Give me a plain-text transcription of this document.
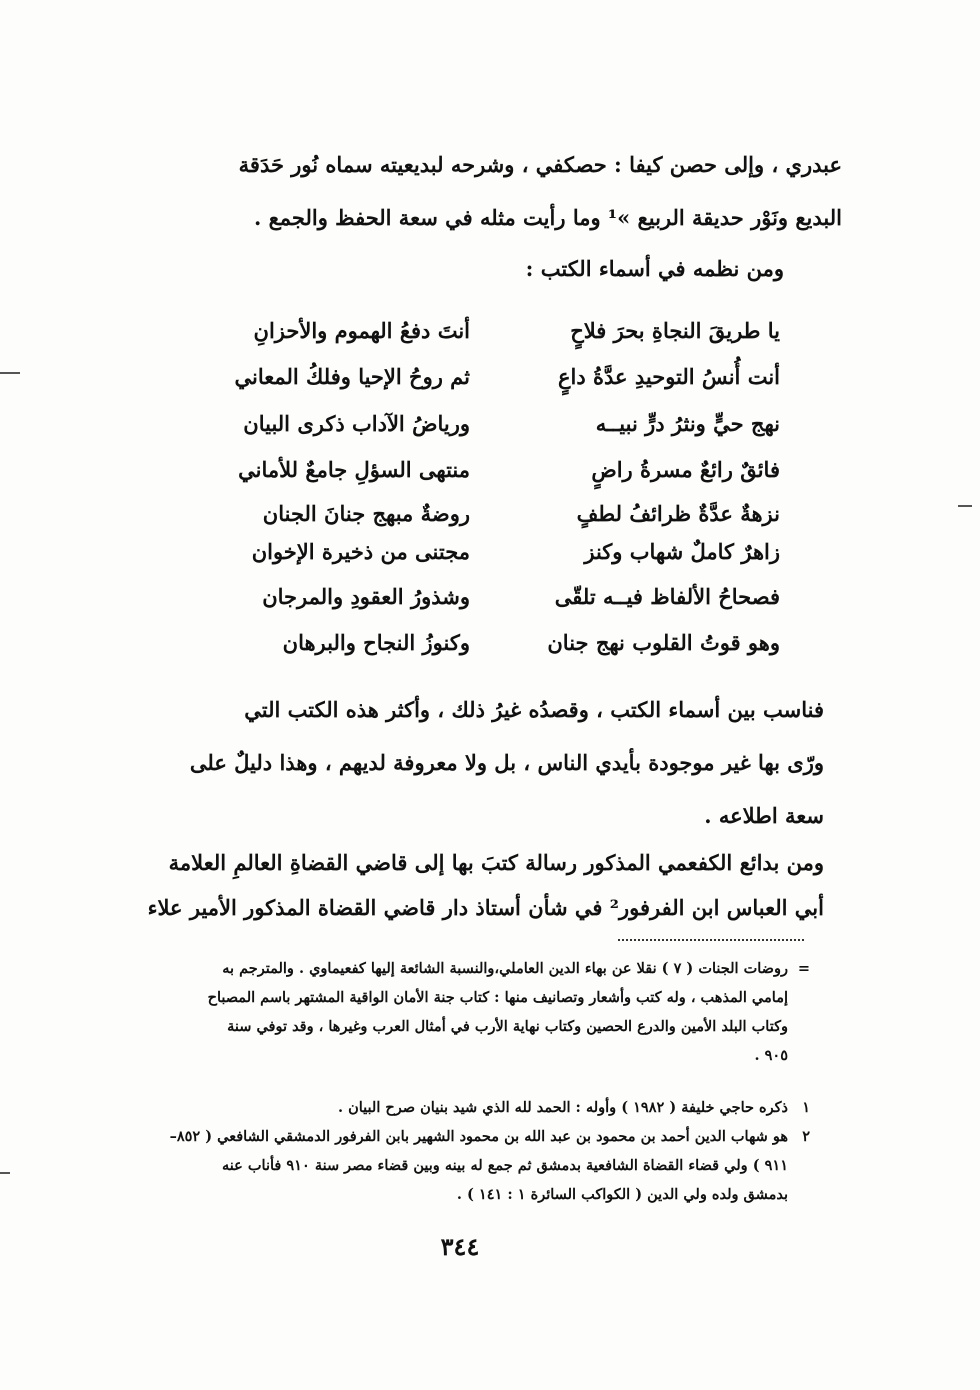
عبدري ، وإلى حصن كيفا : حصكفي ، وشرحه لبديعيته سماه نُور حَدَقة
البديع ونَوْر حديقة الربيع »¹ وما رأيت مثله في سعة الحفظ والجمع .
ومن نظمه في أسماء الكتب :
يا طريقَ النجاةِ بحرَ فلاحٍ
أنتَ دفعُ الهموم والأحزانِ
أنت أُنسُ التوحيدِ عدَّةُ داعٍ
ثم روحُ الإحيا وفلكُ المعاني
نهج حيٍّ ونثرُ درٍّ نبيــه
ورياضُ الآداب ذكرى البيان
فائقٌ رائعٌ مسرةُ راضٍ
منتهى السؤلِ جامعٌ للأماني
نزهةٌ عدَّةٌ ظرائفُ لطفٍ
روضةٌ مبهج جنانَ الجنان
زاهرٌ كاملٌ شهاب وكنز
مجتنى من ذخيرة الإخوان
فصحاحُ الألفاظ فيــه تلقّى
وشذورُ العقودِ والمرجان
وهو قوتُ القلوب نهج جنان
وكنوزُ النجاح والبرهان
فناسب بين أسماء الكتب ، وقصدُه غيرُ ذلك ، وأكثر هذه الكتب التي
ورّى بها غير موجودة بأيدي الناس ، بل ولا معروفة لديهم ، وهذا دليلٌ على
سعة اطلاعه .
ومن بدائع الكفعمي المذكور رسالة كتبَ بها إلى قاضي القضاةِ العالمِ العلامة
أبي العباس ابن الفرفور² في شأن أستاذ دار قاضي القضاة المذكور الأمير علاء
=روضات الجنات ( ٧ ) نقلا عن بهاء الدين العاملي،والنسبة الشائعة إليها كفعيماوي . والمترجم به
إمامي المذهب ، وله كتب وأشعار وتصانيف منها : كتاب جنة الأمان الواقية المشتهر باسم المصباح
وكتاب البلد الأمين والدرع الحصين وكتاب نهاية الأرب في أمثال العرب وغيرها ، وقد توفي سنة
٩٠٥ .
١ذكره حاجي خليفة ( ١٩٨٢ ) وأوله : الحمد لله الذي شيد بنيان صرح البيان .
٢هو شهاب الدين أحمد بن محمود بن عبد الله بن محمود الشهير بابن الفرفور الدمشقي الشافعي ( ٨٥٢–
٩١١ ) ولي قضاء القضاة الشافعية بدمشق ثم جمع له بينه وبين قضاء مصر سنة ٩١٠ فأناب عنه
بدمشق ولده ولي الدين ( الكواكب السائرة ١ : ١٤١ ) .
٣٤٤
